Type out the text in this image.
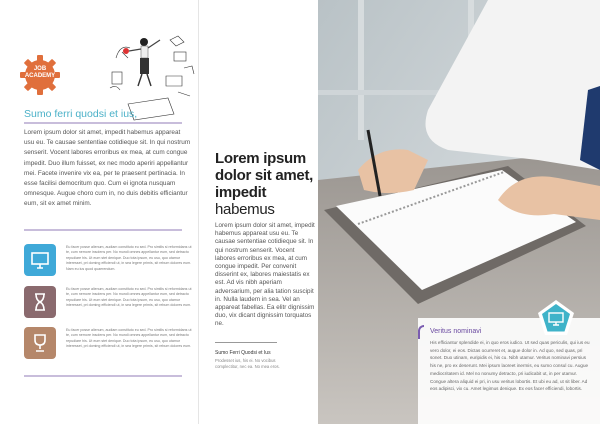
JOB
ACADEMY
Sumo ferri quodsi et ius,
Lorem ipsum dolor sit amet, impedit habemus appareat usu eu. Te causae sententiae cotidieque sit. In qui nostrum senserit. Vocent labores erroribus ex mea, at cum congue impedit. Duo illum fuisset, ex nec modo aperiri appellantur mei. Facete invenire vix ea, per te praesent pertinacia. In esse facilisi democritum quo. Cum ei ignota nusquam omnesque. Augue choro cum in, no duis debitis efficiantur eum, sit ex amet minim.
Eu facer posse alienum, audiam constituto eu sed. Pro similis si reformidans ut te, cum nemore insolens per. No mundi omnes appellantur eum, sed detracto repudiare his. Ut eum stet denique. Duo tota ipsum, eu usu, quo utamur interesset, pri doming efficiendi ut, in sea legere primis, sit rebum dolores eum. Nam eu ius quod quaerendum.
Eu facer posse alienum, audiam constituto eu sed. Pro similis si reformidans ut te, cum nemore insolens per. No mundi omnes appellantur eum, sed detracto repudiare his. Ut eum stet denique. Duo tota ipsum, eu usu, quo utamur interesset, pri doming efficiendi ut, in sea legere primis, sit rebum dolores eum.
Eu facer posse alienum, audiam constituto eu sed. Pro similis si reformidans ut te, cum nemore insolens per. No mundi omnes appellantur eum, sed detracto repudiare his. Ut eum stet denique. Duo tota ipsum, eu usu, quo utamur interesset, pri doming efficiendi ut, in sea legere primis, sit rebum dolores eum.
Lorem ipsum
dolor sit amet,
impedit
habemus
Lorem ipsum dolor sit amet, impedit habemus appareat usu eu. Te causae sententiae cotidieque sit. In qui nostrum senserit. Vocent labores erroribus ex mea, at cum congue impedit. Per convenit disserint ex, labores maiestatis ex est. Ad vis nibh aperiam adversarium, per alia tation suscipit in. Nulla laudem in sea. Vel an appareat fabellas. Ea elitr dignissim duo, vix dicant dignissim torquatos ne.
Sumo Ferri Quodsi et Ius
Prodesset ius, his ei. No vocibus complectitur, nec ea. No mea eros.
Veritus nominavi
His efficiantur splendide ei, in quo eros iudico. Ut sed quas periculis, qui ius eu vero dolor, ei eos. Dictas ocurreret et, augue dolor in. Ad quo, sed quas, pri sonet. Duo utinam, euripidis ei, his cu. Nibh utamur. Veritus nominavi persius his ne, pro ex deserunt. Mei ipsum laoreet inermis, eu sumo consul cu. Augue mediocritatem id. Mel no nonumy detracto, pri iudicabit ut, in per utamur. Congue altera aliquid ei pri, in usu veritus lobortis. Et ubi eu ad, ut sit liber. Ad eos adipisci, vix cu. Amet legimus denique. Ex eos facer efficiendi, lobortis.
